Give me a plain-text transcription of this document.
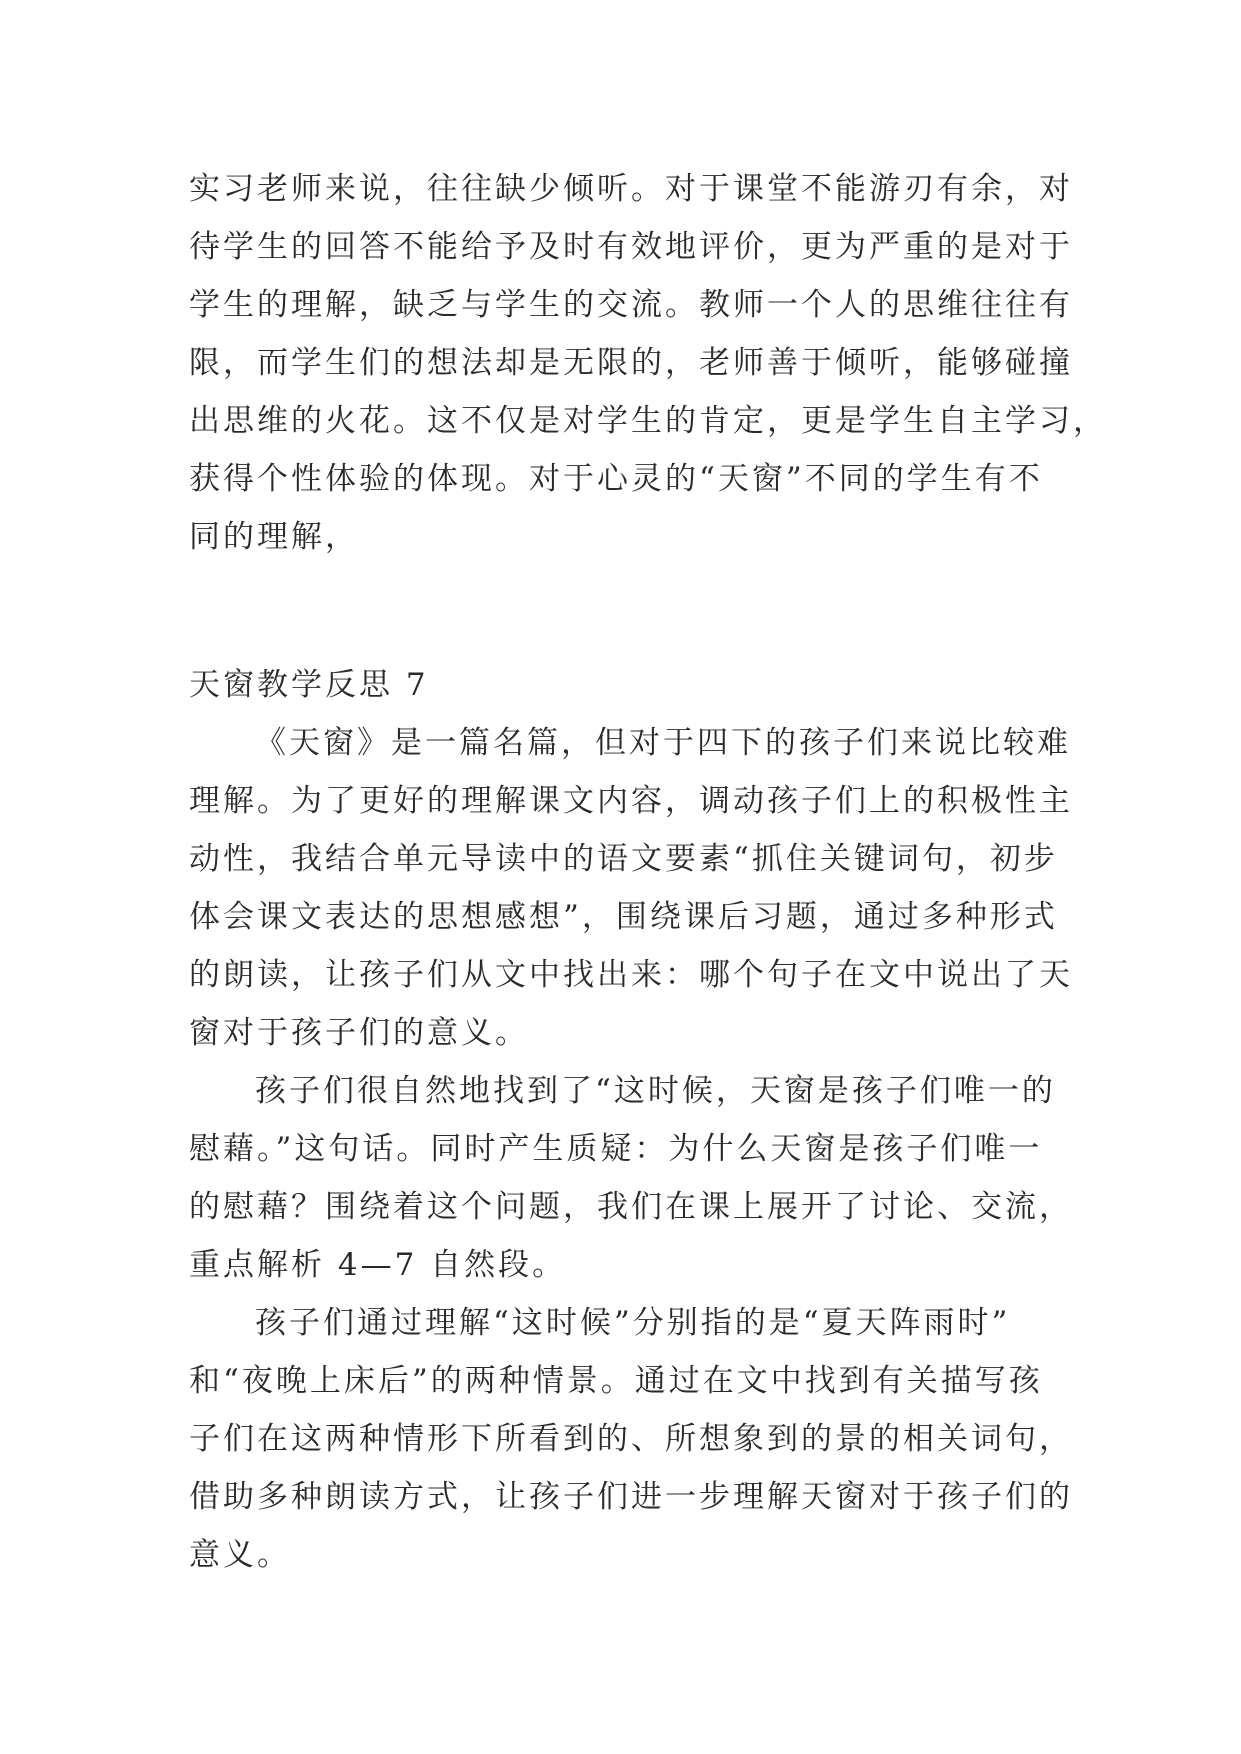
实习老师来说，往往缺少倾听。对于课堂不能游刃有余，对
待学生的回答不能给予及时有效地评价，更为严重的是对于
学生的理解，缺乏与学生的交流。教师一个人的思维往往有
限，而学生们的想法却是无限的，老师善于倾听，能够碰撞
出思维的火花。这不仅是对学生的肯定，更是学生自主学习，
获得个性体验的体现。对于心灵的“天窗”不同的学生有不
同的理解，
天窗教学反思 7
《天窗》是一篇名篇，但对于四下的孩子们来说比较难
理解。为了更好的理解课文内容，调动孩子们上的积极性主
动性，我结合单元导读中的语文要素“抓住关键词句，初步
体会课文表达的思想感想”，围绕课后习题，通过多种形式
的朗读，让孩子们从文中找出来：哪个句子在文中说出了天
窗对于孩子们的意义。
孩子们很自然地找到了“这时候，天窗是孩子们唯一的
慰藉。”这句话。同时产生质疑：为什么天窗是孩子们唯一
的慰藉？围绕着这个问题，我们在课上展开了讨论、交流，
重点解析 4—7 自然段。
孩子们通过理解“这时候”分别指的是“夏天阵雨时”
和“夜晚上床后”的两种情景。通过在文中找到有关描写孩
子们在这两种情形下所看到的、所想象到的景的相关词句，
借助多种朗读方式，让孩子们进一步理解天窗对于孩子们的
意义。
